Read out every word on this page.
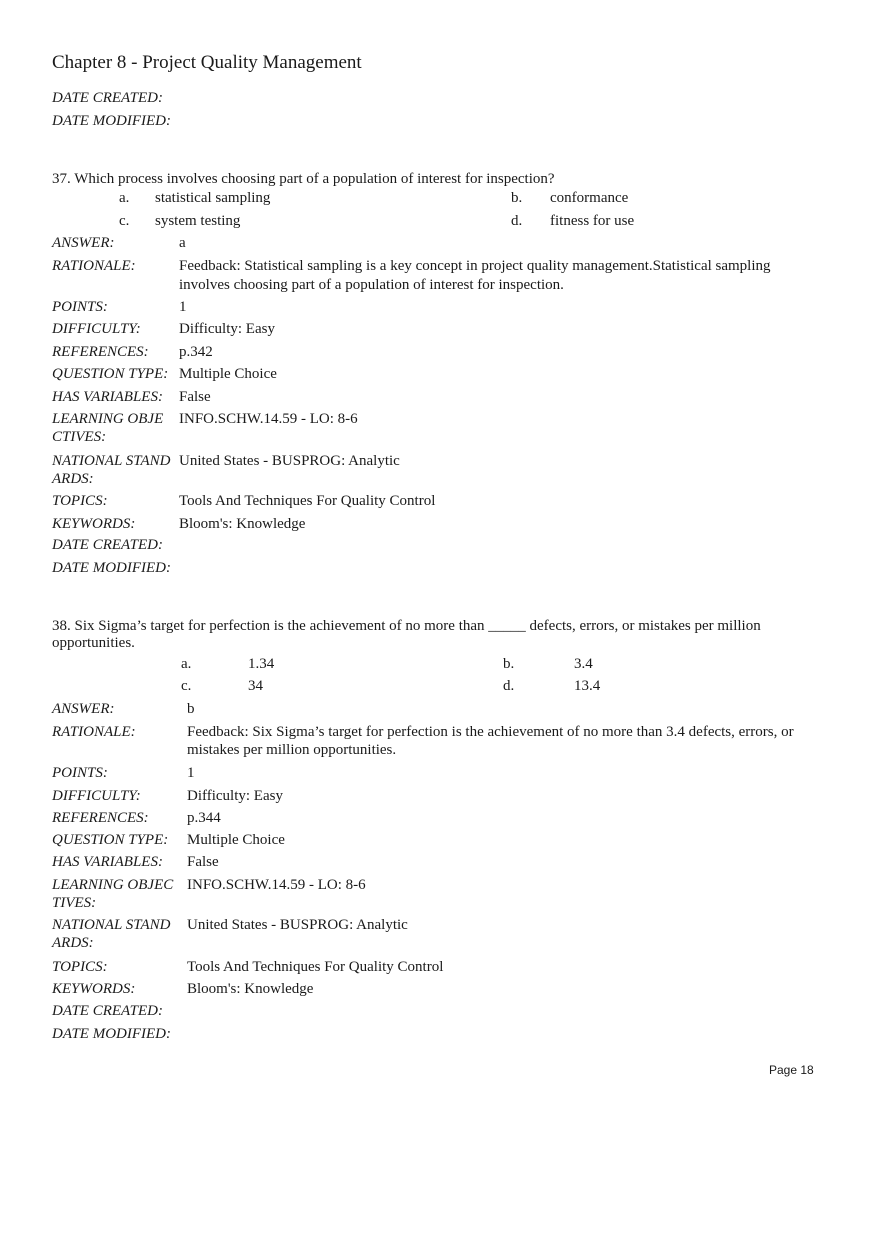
Chapter 8 - Project Quality Management
DATE CREATED:
DATE MODIFIED:
37. Which process involves choosing part of a population of interest for inspection?
a. statistical sampling	b. conformance
c. system testing	d. fitness for use
ANSWER:	a
RATIONALE:	Feedback: Statistical sampling is a key concept in project quality management.Statistical sampling
involves choosing part of a population of interest for inspection.
POINTS:	1
DIFFICULTY:	Difficulty: Easy
REFERENCES: p.342
QUESTION TYPE: Multiple Choice
HAS VARIABLES: False
LEARNING OBJE
CTIVES:
INFO.SCHW.14.59 - LO: 8-6
NATIONAL STAND
ARDS:
United States - BUSPROG: Analytic
TOPICS:	Tools And Techniques For Quality Control
KEYWORDS:	Bloom's: Knowledge
DATE CREATED:
DATE MODIFIED:
38. Six Sigma’s target for perfection is the achievement of no more than _____ defects, errors, or mistakes per million
opportunities.
a.	1.34	b.	3.4
c.	34	d.	13.4
ANSWER:	b
RATIONALE:	Feedback: Six Sigma’s target for perfection is the achievement of no more than 3.4 defects, errors, or
mistakes per million opportunities.
POINTS:	1
DIFFICULTY:	Difficulty: Easy
REFERENCES:	p.344
QUESTION TYPE: Multiple Choice
HAS VARIABLES: False
LEARNING OBJEC
TIVES:
INFO.SCHW.14.59 - LO: 8-6
NATIONAL STAND
ARDS:
United States - BUSPROG: Analytic
TOPICS:	Tools And Techniques For Quality Control
KEYWORDS:	Bloom's: Knowledge
DATE CREATED:
DATE MODIFIED:
Page 18
